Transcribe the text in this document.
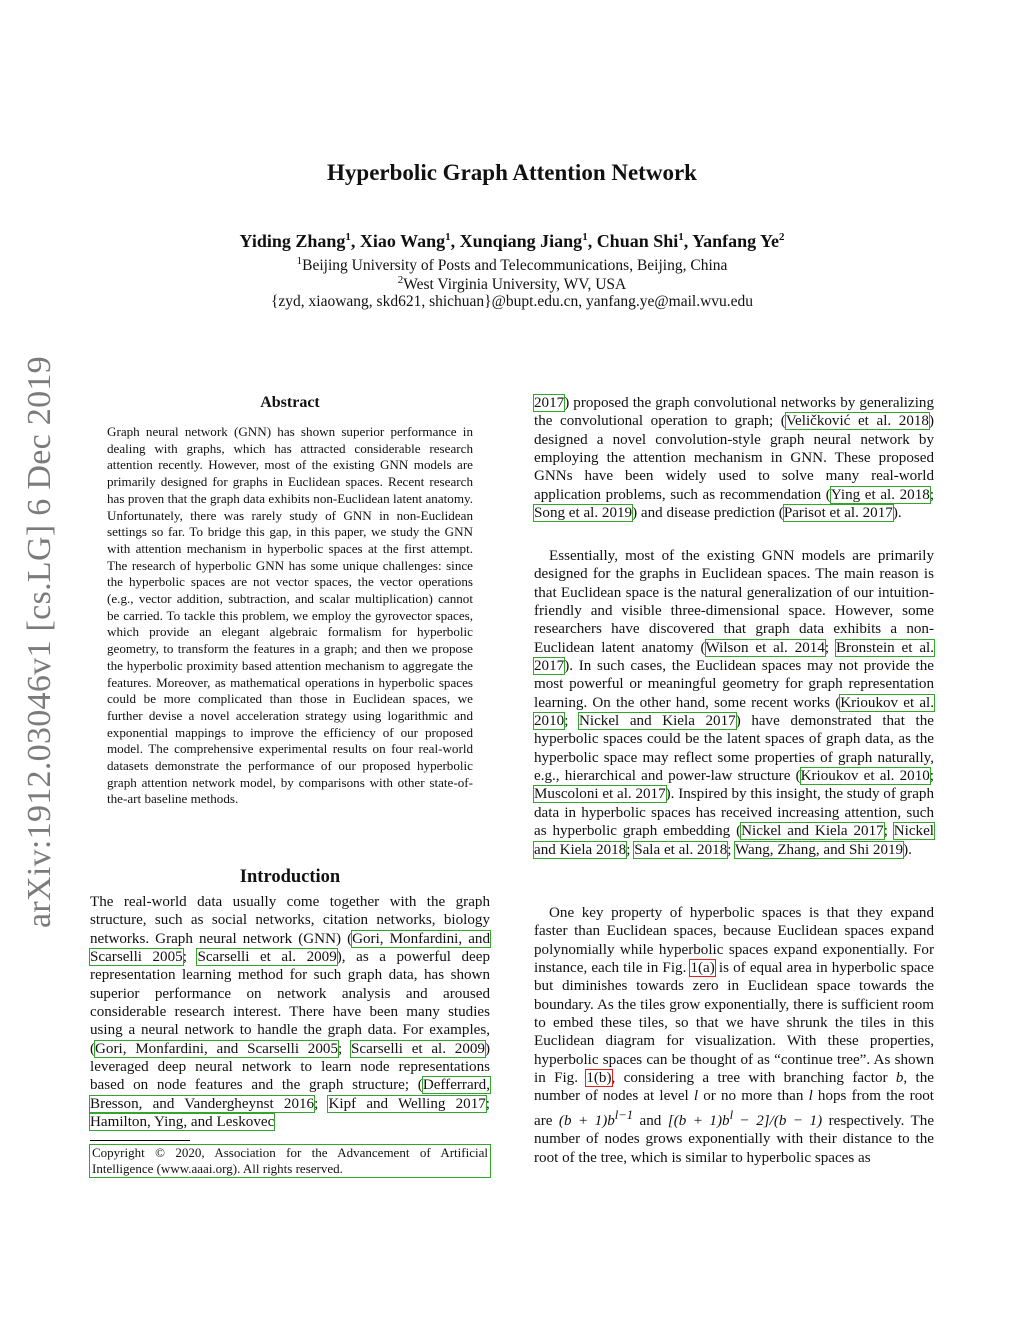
arXiv:1912.03046v1 [cs.LG] 6 Dec 2019
Hyperbolic Graph Attention Network
Yiding Zhang$^1$, Xiao Wang$^1$, Xunqiang Jiang$^1$, Chuan Shi$^1$, Yanfang Ye$^2$
$^1$Beijing University of Posts and Telecommunications, Beijing, China
$^2$West Virginia University, WV, USA
{zyd, xiaowang, skd621, shichuan}@bupt.edu.cn, yanfang.ye@mail.wvu.edu
Abstract

Graph neural network (GNN) has shown superior performance in dealing with graphs, which has attracted considerable research attention recently. However, most of the existing GNN models are primarily designed for graphs in Euclidean spaces. Recent research has proven that the graph data exhibits non-Euclidean latent anatomy. Unfortunately, there was rarely study of GNN in non-Euclidean settings so far. To bridge this gap, in this paper, we study the GNN with attention mechanism in hyperbolic spaces at the first attempt. The research of hyperbolic GNN has some unique challenges: since the hyperbolic spaces are not vector spaces, the vector operations (e.g., vector addition, subtraction, and scalar multiplication) cannot be carried. To tackle this problem, we employ the gyrovector spaces, which provide an elegant algebraic formalism for hyperbolic geometry, to transform the features in a graph; and then we propose the hyperbolic proximity based attention mechanism to aggregate the features. Moreover, as mathematical operations in hyperbolic spaces could be more complicated than those in Euclidean spaces, we further devise a novel acceleration strategy using logarithmic and exponential mappings to improve the efficiency of our proposed model. The comprehensive experimental results on four real-world datasets demonstrate the performance of our proposed hyperbolic graph attention network model, by comparisons with other state-of-the-art baseline methods.

Introduction

The real-world data usually come together with the graph structure, such as social networks, citation networks, biology networks. Graph neural network (GNN) (Gori, Monfardini, and Scarselli 2005; Scarselli et al. 2009), as a powerful deep representation learning method for such graph data, has shown superior performance on network analysis and aroused considerable research interest. There have been many studies using a neural network to handle the graph data. For examples, (Gori, Monfardini, and Scarselli 2005; Scarselli et al. 2009) leveraged deep neural network to learn node representations based on node features and the graph structure; (Defferrard, Bresson, and Vandergheynst 2016; Kipf and Welling 2017; Hamilton, Ying, and Leskovec

Copyright © 2020, Association for the Advancement of Artificial Intelligence (www.aaai.org). All rights reserved.

2017) proposed the graph convolutional networks by generalizing the convolutional operation to graph; (Veličković et al. 2018) designed a novel convolution-style graph neural network by employing the attention mechanism in GNN. These proposed GNNs have been widely used to solve many real-world application problems, such as recommendation (Ying et al. 2018; Song et al. 2019) and disease prediction (Parisot et al. 2017).

Essentially, most of the existing GNN models are primarily designed for the graphs in Euclidean spaces. The main reason is that Euclidean space is the natural generalization of our intuition-friendly and visible three-dimensional space. However, some researchers have discovered that graph data exhibits a non-Euclidean latent anatomy (Wilson et al. 2014; Bronstein et al. 2017). In such cases, the Euclidean spaces may not provide the most powerful or meaningful geometry for graph representation learning. On the other hand, some recent works (Krioukov et al. 2010; Nickel and Kiela 2017) have demonstrated that the hyperbolic spaces could be the latent spaces of graph data, as the hyperbolic space may reflect some properties of graph naturally, e.g., hierarchical and power-law structure (Krioukov et al. 2010; Muscoloni et al. 2017). Inspired by this insight, the study of graph data in hyperbolic spaces has received increasing attention, such as hyperbolic graph embedding (Nickel and Kiela 2017; Nickel and Kiela 2018; Sala et al. 2018; Wang, Zhang, and Shi 2019).

One key property of hyperbolic spaces is that they expand faster than Euclidean spaces, because Euclidean spaces expand polynomially while hyperbolic spaces expand exponentially. For instance, each tile in Fig. 1(a) is of equal area in hyperbolic space but diminishes towards zero in Euclidean space towards the boundary. As the tiles grow exponentially, there is sufficient room to embed these tiles, so that we have shrunk the tiles in this Euclidean diagram for visualization. With these properties, hyperbolic spaces can be thought of as “continue tree”. As shown in Fig. 1(b), considering a tree with branching factor b, the number of nodes at level l or no more than l hops from the root are $(b + 1)b^{l-1}$ and $[(b + 1)b^l - 2]/(b - 1)$ respectively. The number of nodes grows exponentially with their distance to the root of the tree, which is similar to hyperbolic spaces as
